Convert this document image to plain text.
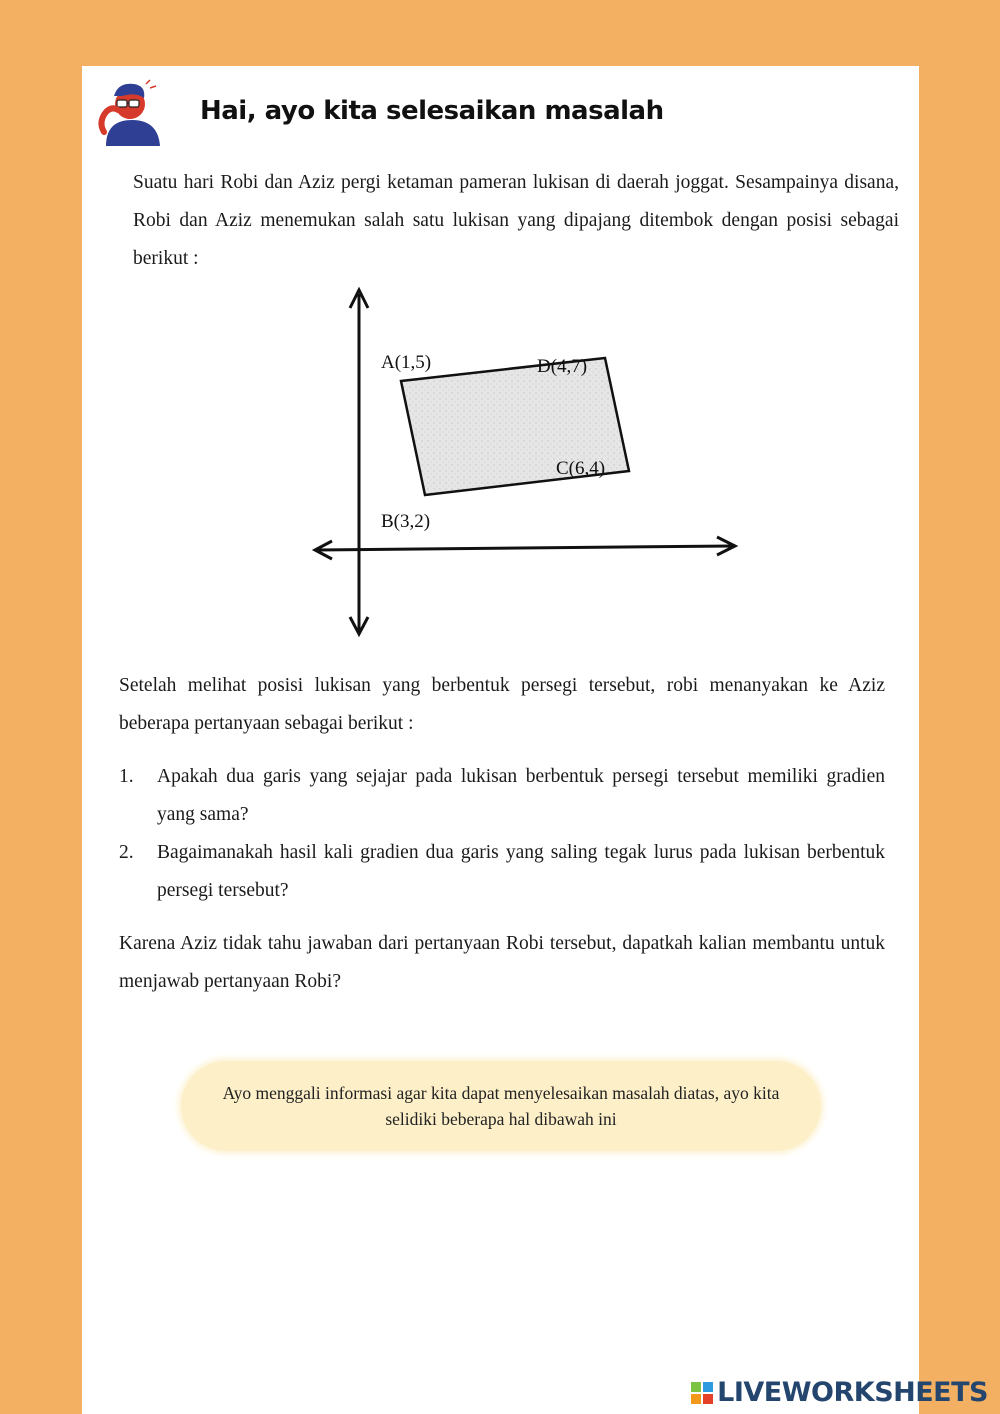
Hai, ayo kita selesaikan masalah

Suatu hari Robi dan Aziz pergi ketaman pameran lukisan di daerah joggat. Sesampainya disana, Robi dan Aziz menemukan salah satu lukisan yang dipajang ditembok dengan posisi sebagai berikut :

A(1,5)	D(4,7)
C(6,4)
B(3,2)

Setelah melihat posisi lukisan yang berbentuk persegi tersebut, robi menanyakan ke Aziz beberapa pertanyaan sebagai berikut :

1.	Apakah dua garis yang sejajar pada lukisan berbentuk persegi tersebut memiliki gradien yang sama?
2.	Bagaimanakah hasil kali gradien dua garis yang saling tegak lurus pada lukisan berbentuk persegi tersebut?

Karena Aziz tidak tahu jawaban dari pertanyaan Robi tersebut, dapatkah kalian membantu untuk menjawab pertanyaan Robi?

Ayo menggali informasi agar kita dapat menyelesaikan masalah diatas, ayo kita selidiki beberapa hal dibawah ini
LIVEWORKSHEETS
